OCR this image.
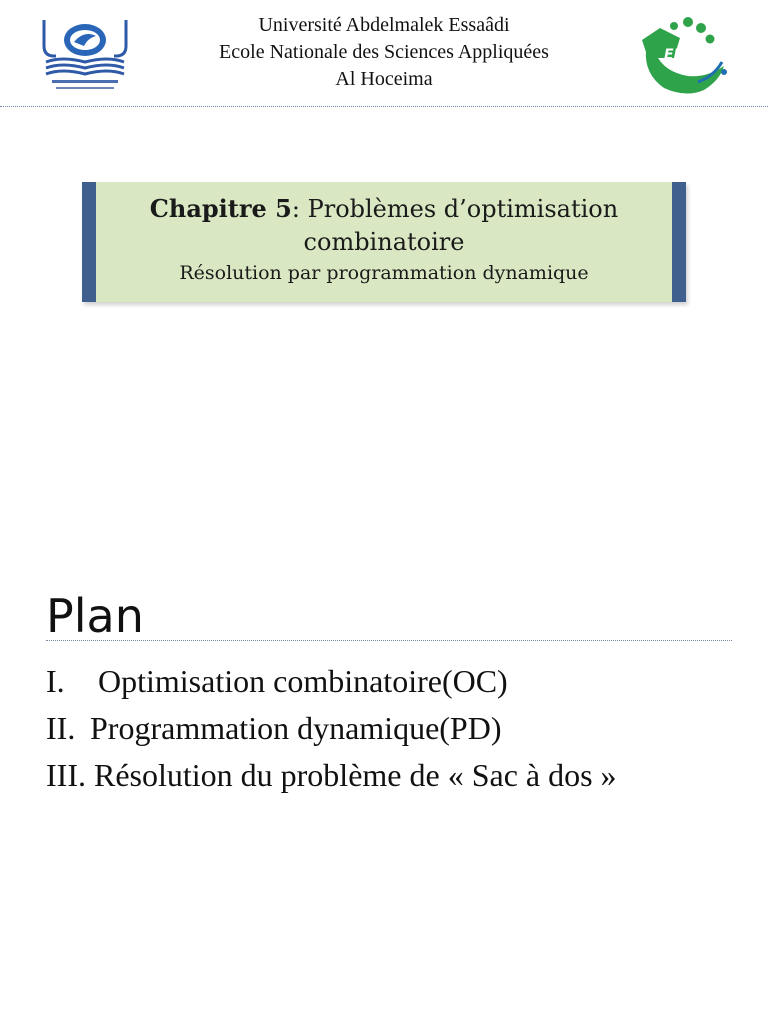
Université Abdelmalek Essaâdi
Ecole Nationale des Sciences Appliquées
Al Hoceima
ENSAH
Chapitre 5: Problèmes d’optimisation
combinatoire
Résolution par programmation dynamique
Plan
I. Optimisation combinatoire(OC)
II. Programmation dynamique(PD)
III. Résolution du problème de « Sac à dos »
